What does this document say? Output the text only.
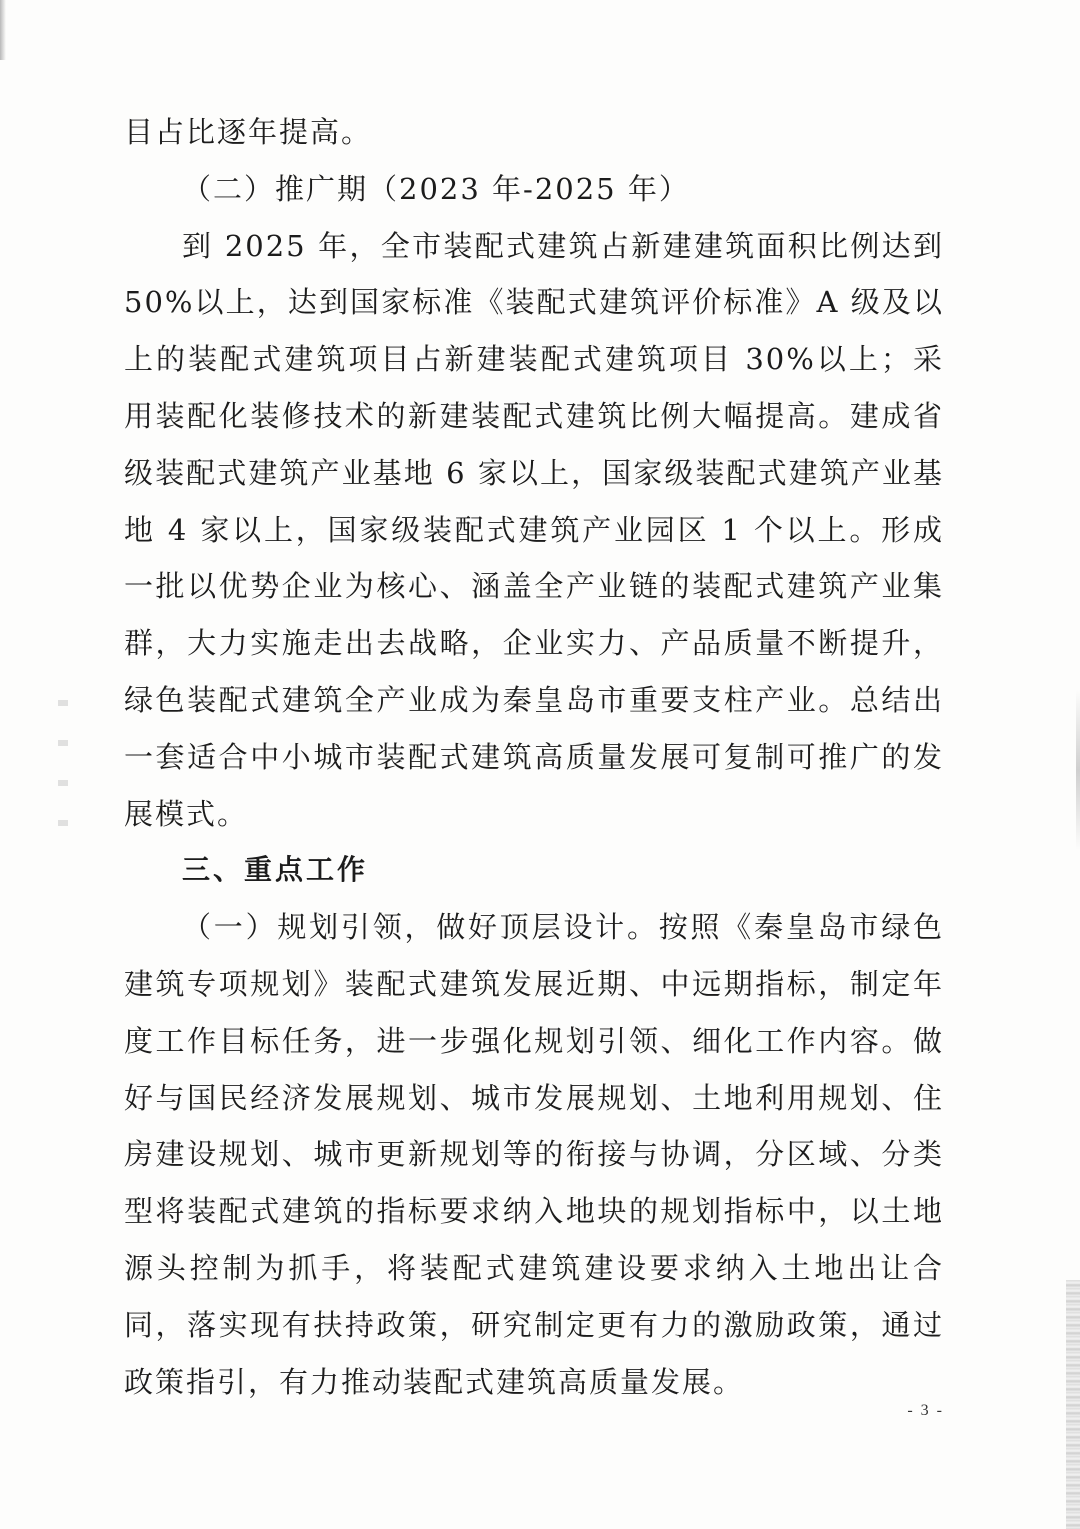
目占比逐年提高。

（二）推广期（2023 年-2025 年）

到 2025 年，全市装配式建筑占新建建筑面积比例达到 50%以上，达到国家标准《装配式建筑评价标准》A 级及以上的装配式建筑项目占新建装配式建筑项目 30%以上；采用装配化装修技术的新建装配式建筑比例大幅提高。建成省级装配式建筑产业基地 6 家以上，国家级装配式建筑产业基地 4 家以上，国家级装配式建筑产业园区 1 个以上。形成一批以优势企业为核心、涵盖全产业链的装配式建筑产业集群，大力实施走出去战略，企业实力、产品质量不断提升，绿色装配式建筑全产业成为秦皇岛市重要支柱产业。总结出一套适合中小城市装配式建筑高质量发展可复制可推广的发展模式。

三、重点工作

（一）规划引领，做好顶层设计。按照《秦皇岛市绿色建筑专项规划》装配式建筑发展近期、中远期指标，制定年度工作目标任务，进一步强化规划引领、细化工作内容。做好与国民经济发展规划、城市发展规划、土地利用规划、住房建设规划、城市更新规划等的衔接与协调，分区域、分类型将装配式建筑的指标要求纳入地块的规划指标中，以土地源头控制为抓手，将装配式建筑建设要求纳入土地出让合同，落实现有扶持政策，研究制定更有力的激励政策，通过政策指引，有力推动装配式建筑高质量发展。

- 3 -
